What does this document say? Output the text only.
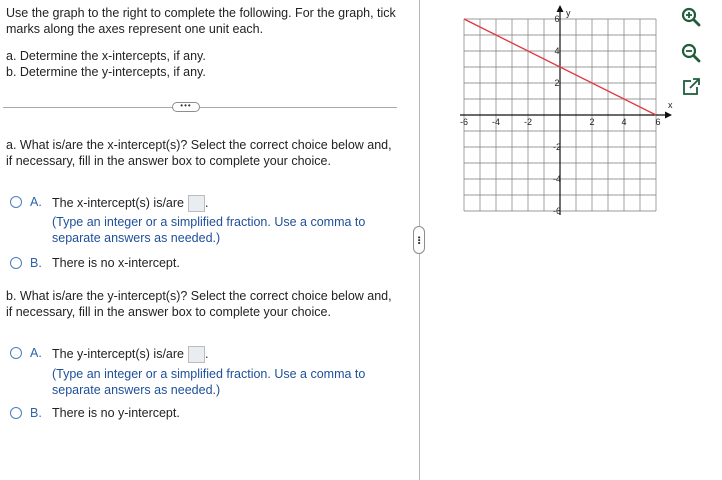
Use the graph to the right to complete the following. For the graph, tick marks along the axes represent one unit each.
a. Determine the x-intercepts, if any.
b. Determine the y-intercepts, if any.
•••
a. What is/are the x-intercept(s)? Select the correct choice below and, if necessary, fill in the answer box to complete your choice.
A. The x-intercept(s) is/are .
(Type an integer or a simplified fraction. Use a comma to separate answers as needed.)
B. There is no x-intercept.
b. What is/are the y-intercept(s)? Select the correct choice below and, if necessary, fill in the answer box to complete your choice.
A. The y-intercept(s) is/are .
(Type an integer or a simplified fraction. Use a comma to separate answers as needed.)
B. There is no y-intercept.
•••
-6	-4	-2	2	4	6
6
4
2
-2
-4
-6
x
y
